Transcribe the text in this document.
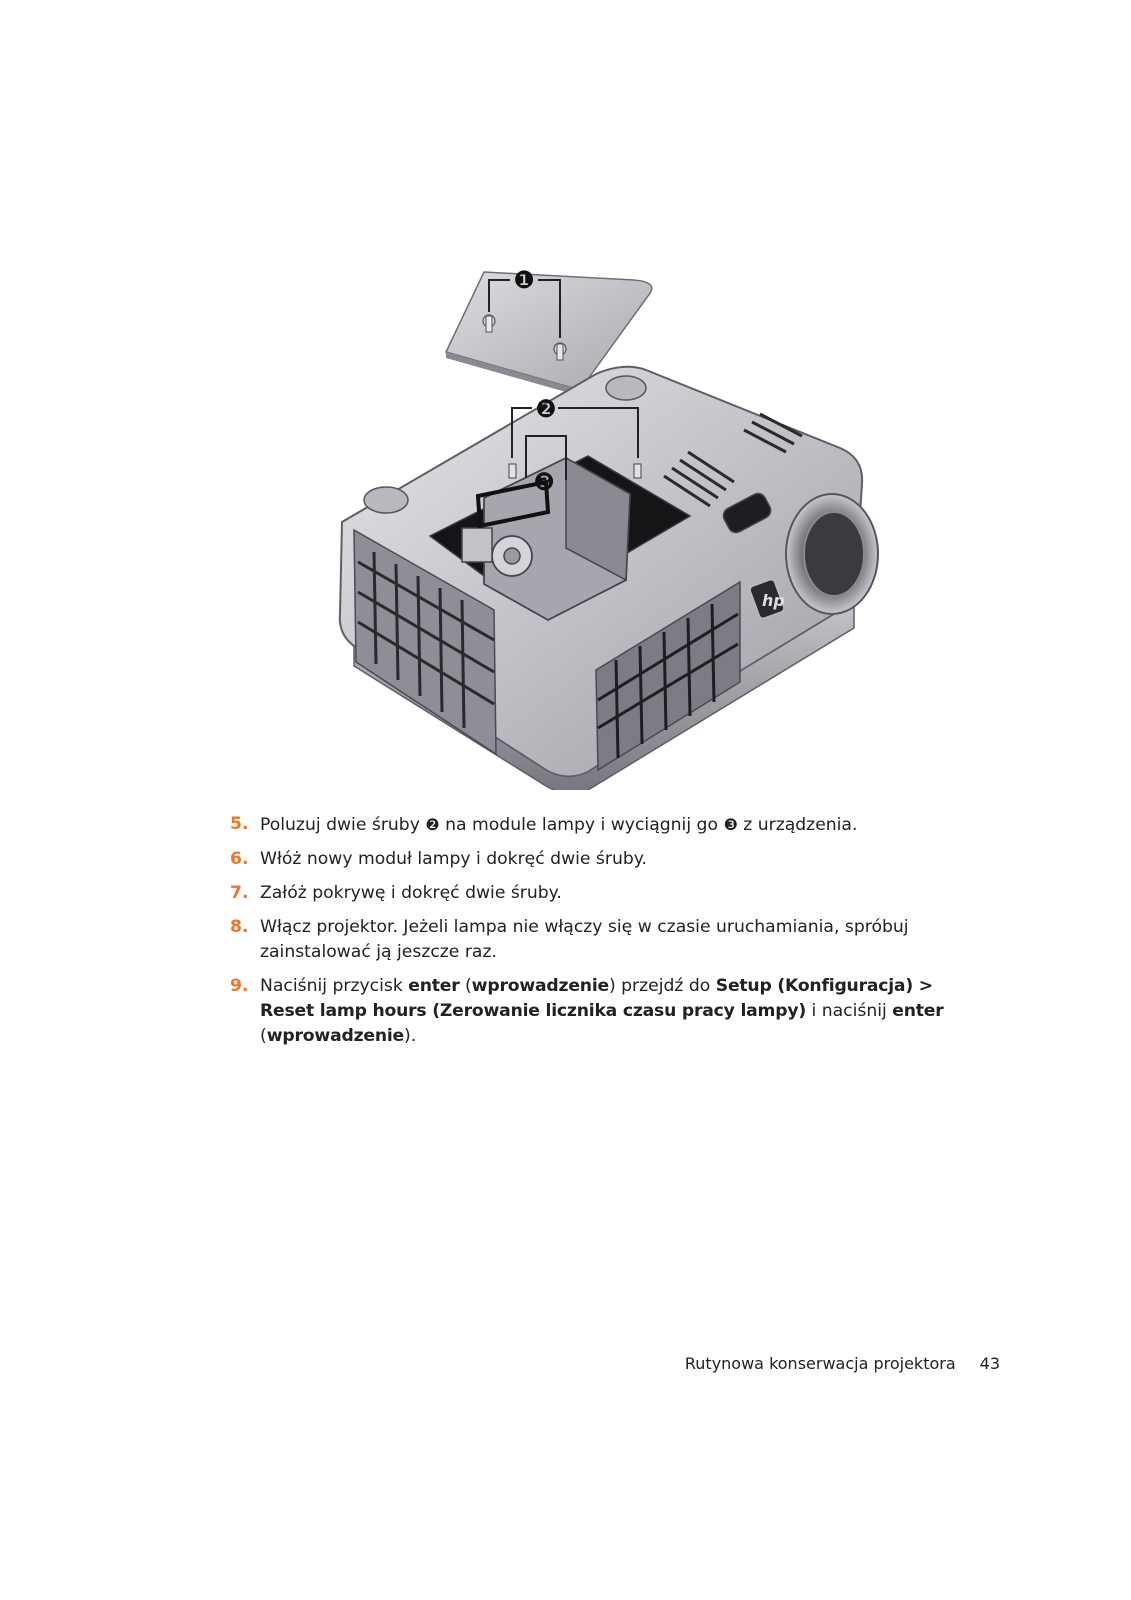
❶
hp
❷
❸
5. Poluzuj dwie śruby ❷ na module lampy i wyciągnij go ❸ z urządzenia.
6. Włóż nowy moduł lampy i dokręć dwie śruby.
7. Załóż pokrywę i dokręć dwie śruby.
8. Włącz projektor. Jeżeli lampa nie włączy się w czasie uruchamiania, spróbuj zainstalować ją jeszcze raz.
9. Naciśnij przycisk enter (wprowadzenie) przejdź do Setup (Konfiguracja) > Reset lamp hours (Zerowanie licznika czasu pracy lampy) i naciśnij enter (wprowadzenie).
Rutynowa konserwacja projektora 43
